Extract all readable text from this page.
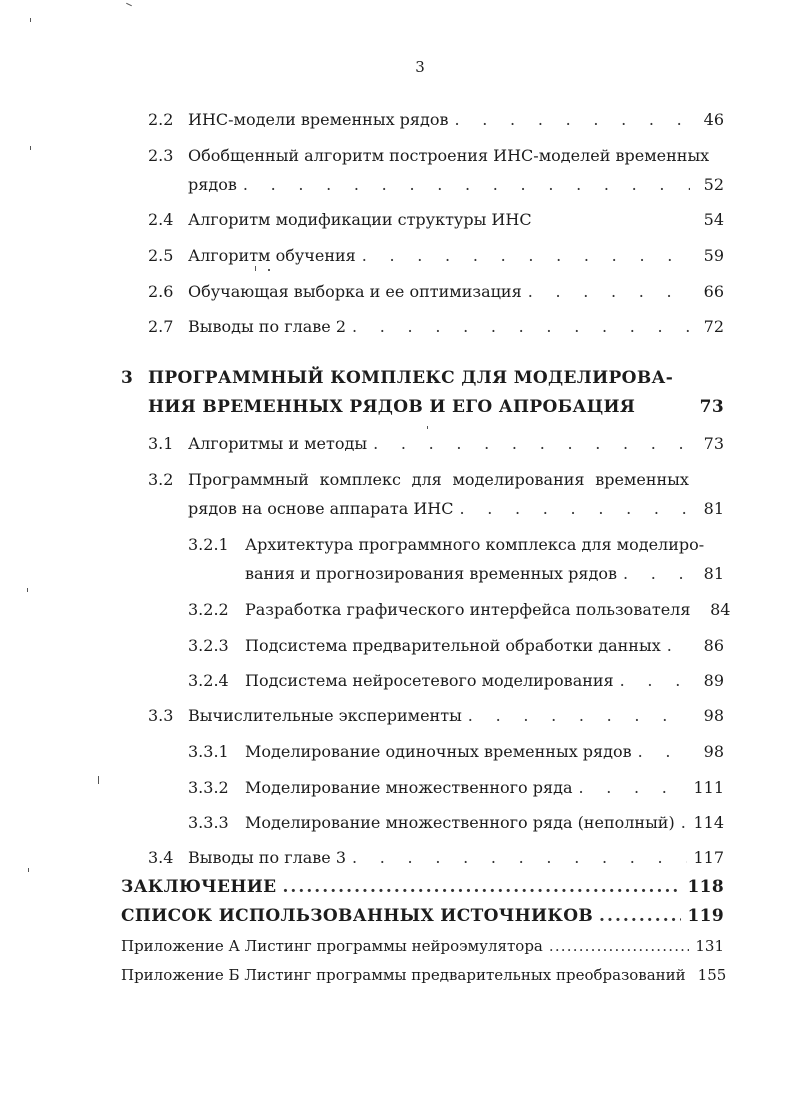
3
2.2 ИНС-модели временных рядов . . .	46
2.3 Обобщенный алгоритм построения ИНС-моделей временных
рядов . . .	52
2.4 Алгоритм модификации структуры ИНС	54
2.5 Алгоритм обучения . . .	59
2.6 Обучающая выборка и ее оптимизация . . .	66
2.7 Выводы по главе 2 . . .	72
3 ПРОГРАММНЫЙ КОМПЛЕКС ДЛЯ МОДЕЛИРОВА-
НИЯ ВРЕМЕННЫХ РЯДОВ И ЕГО АПРОБАЦИЯ	73
3.1 Алгоритмы и методы . . .	73
3.2 Программный комплекс для моделирования временных
рядов на основе аппарата ИНС . . .	81
3.2.1 Архитектура программного комплекса для моделиро-
вания и прогнозирования временных рядов . . .	81
3.2.2	Разработка графического интерфейса пользователя	84
3.2.3	Подсистема предварительной обработки данных . . .	86
3.2.4	Подсистема нейросетевого моделирования . . .	89
3.3 Вычислительные эксперименты . . .	98
3.3.1	Моделирование одиночных временных рядов . . .	98
3.3.2	Моделирование множественного ряда . . .	111
3.3.3	Моделирование множественного ряда (неполный) . . . 114
3.4 Выводы по главе 3 . . .	117
ЗАКЛЮЧЕНИЕ .....	118
СПИСОК ИСПОЛЬЗОВАННЫХ ИСТОЧНИКОВ .....	119
Приложение А Листинг программы нейроэмулятора .....	131
Приложение Б Листинг программы предварительных преобразований 155
